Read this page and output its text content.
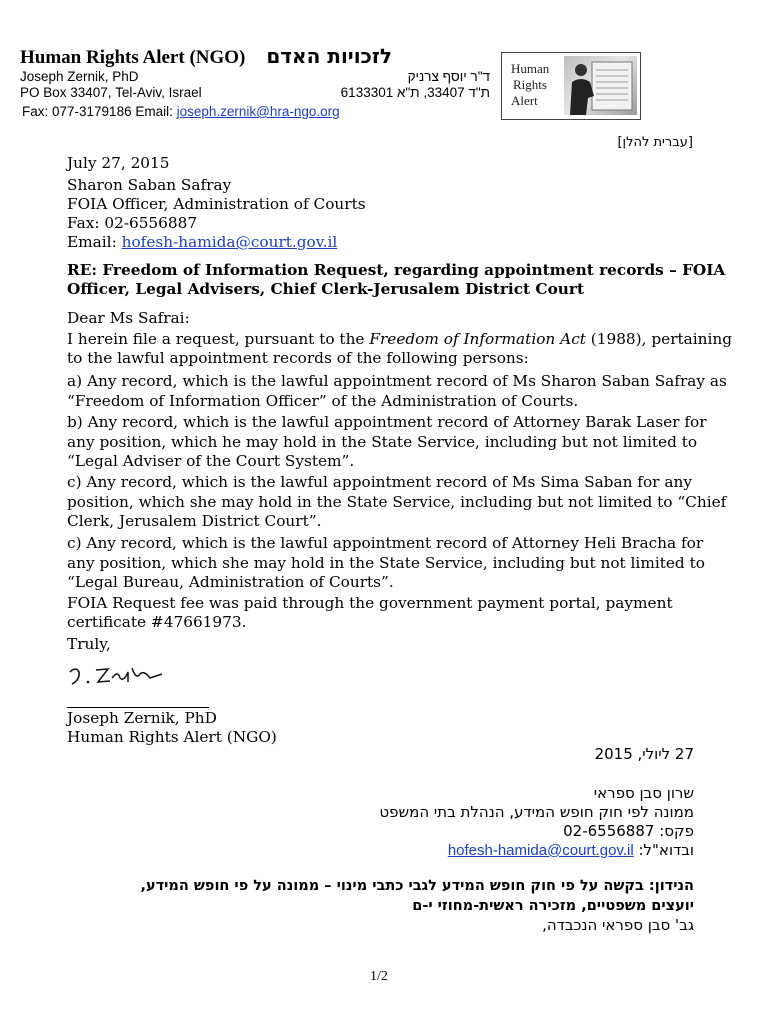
Human Rights Alert (NGO)	לזכויות האדם
Joseph Zernik, PhD	ד"ר יוסף צרניק
PO Box 33407, Tel-Aviv, Israel	ת"ד 33407, ת"א 6133301
Fax: 077-3179186 Email: joseph.zernik@hra-ngo.org
Human
Rights
Alert
[עברית להלן]
July 27, 2015
Sharon Saban Safray
FOIA Officer, Administration of Courts
Fax: 02-6556887
Email: hofesh-hamida@court.gov.il
RE: Freedom of Information Request, regarding appointment records – FOIA
Officer, Legal Advisers, Chief Clerk-Jerusalem District Court
Dear Ms Safrai:
I herein file a request, pursuant to the Freedom of Information Act (1988), pertaining
to the lawful appointment records of the following persons:

a) Any record, which is the lawful appointment record of Ms Sharon Saban Safray as

“Freedom of Information Officer” of the Administration of Courts.

b) Any record, which is the lawful appointment record of Attorney Barak Laser for

any position, which he may hold in the State Service, including but not limited to

“Legal Adviser of the Court System”.

c) Any record, which is the lawful appointment record of Ms Sima Saban for any

position, which she may hold in the State Service, including but not limited to “Chief

Clerk, Jerusalem District Court”.

c) Any record, which is the lawful appointment record of Attorney Heli Bracha for

any position, which she may hold in the State Service, including but not limited to

“Legal Bureau, Administration of Courts”.

FOIA Request fee was paid through the government payment portal, payment
certificate #47661973.
Truly,
Joseph Zernik, PhD
Human Rights Alert (NGO)
27 ליולי, 2015
שרון סבן ספראי
ממונה לפי חוק חופש המידע, הנהלת בתי המשפט
פקס: 02-6556887
ובדוא"ל: hofesh-hamida@court.gov.il
הנידון: בקשה על פי חוק חופש המידע לגבי כתבי מינוי – ממונה על פי חופש המידע,
יועצים משפטיים, מזכירה ראשית-מחוזי י-ם
גב' סבן ספראי הנכבדה,
1/2
